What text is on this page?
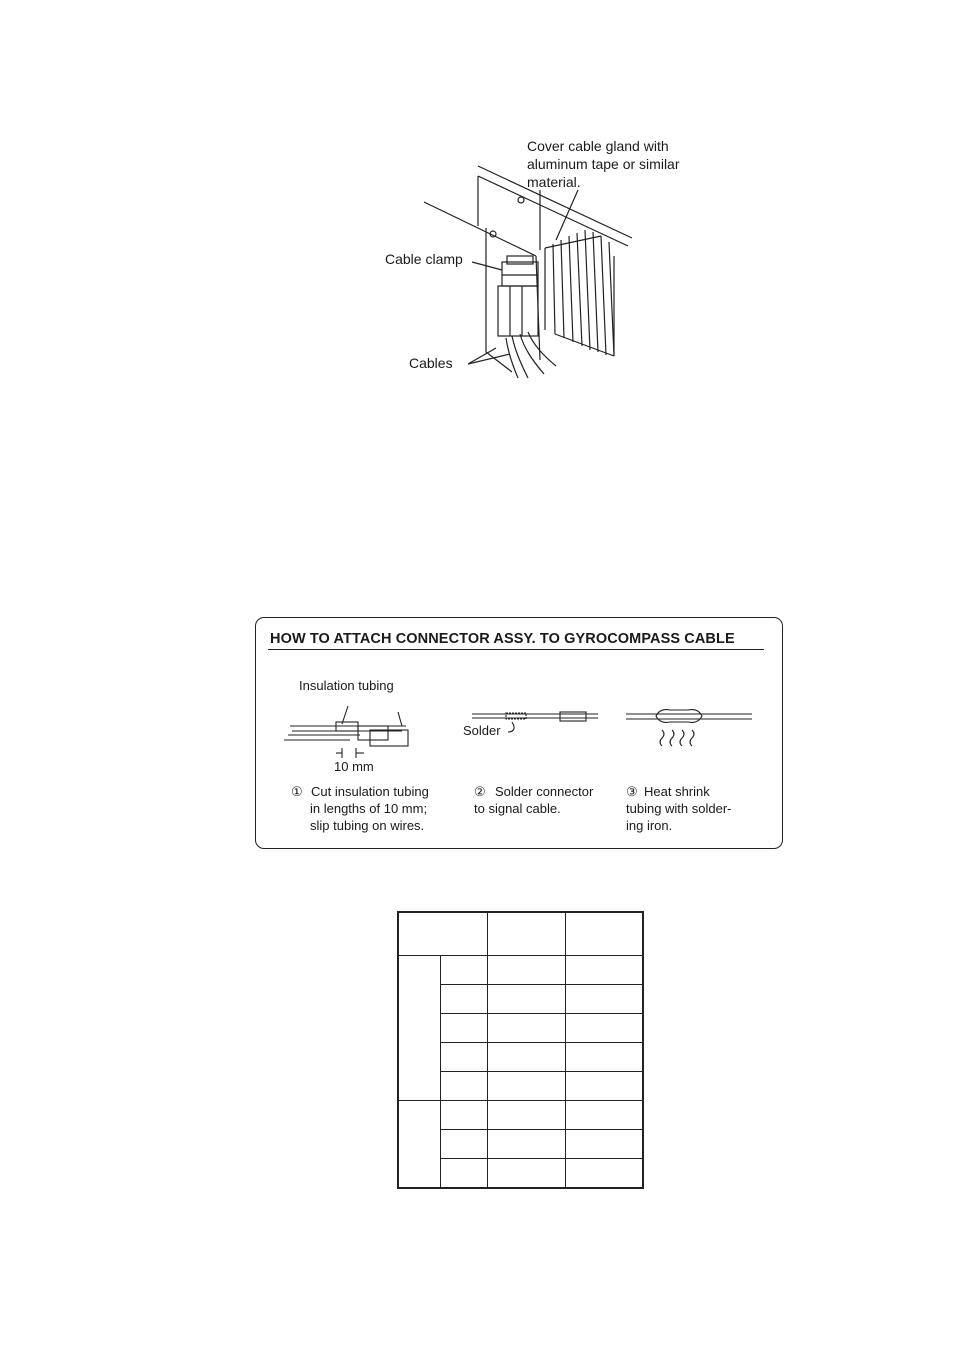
Cover cable gland with
aluminum tape or similar
material.
Cable clamp
Cables
HOW TO ATTACH CONNECTOR ASSY. TO GYROCOMPASS CABLE
Insulation tubing
10 mm
Solder
① Cut insulation tubing
in lengths of 10 mm;
slip tubing on wires.
② Solder connector
to signal cable.
③ Heat shrink
tubing with solder-
ing iron.
